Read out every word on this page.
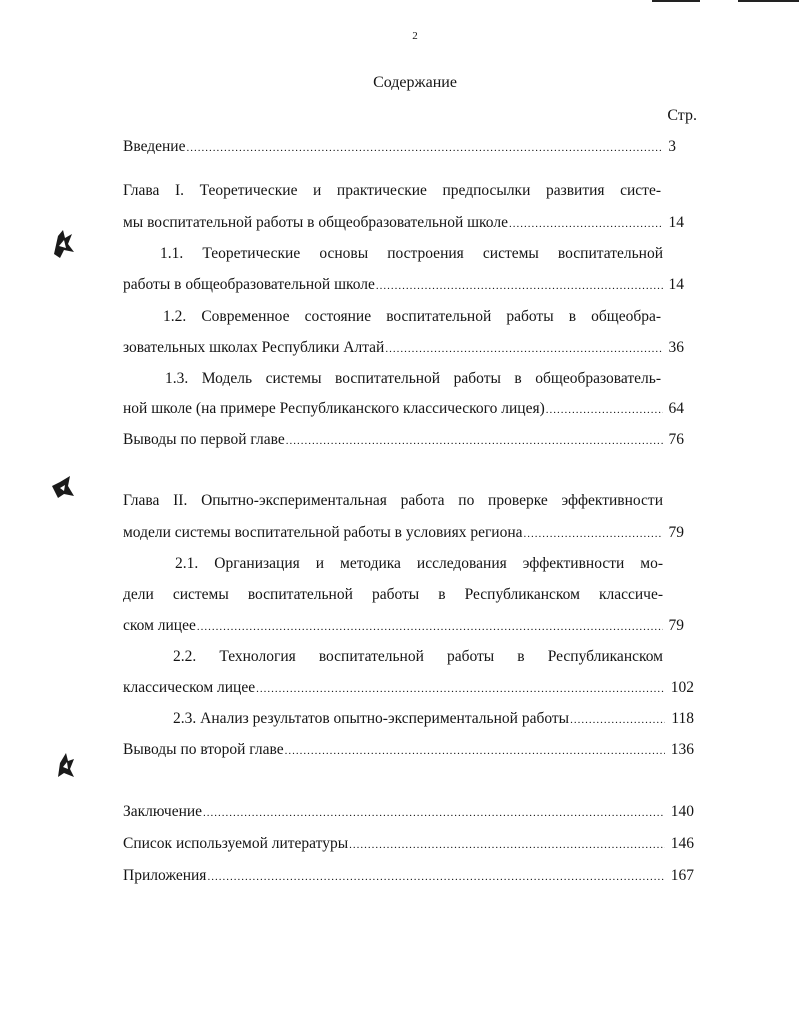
2
Содержание
Стр.
Введение .....	3
Глава I. Теоретические и практические предпосылки развития систе-
мы воспитательной работы в общеобразовательной школе .....	14
1.1. Теоретические основы построения системы воспитательной
работы в общеобразовательной школе .....	14
1.2. Современное состояние воспитательной работы в общеобра-
зовательных школах Республики Алтай .....	36
1.3. Модель системы воспитательной работы в общеобразователь-
ной школе (на примере Республиканского классического лицея) .....	64
Выводы по первой главе .....	76
Глава II. Опытно-экспериментальная работа по проверке эффективности
модели системы воспитательной работы в условиях региона .....	79
2.1. Организация и методика исследования эффективности мо-
дели системы воспитательной работы в Республиканском классиче-
ском лицее .....	79
2.2. Технология воспитательной работы в Республиканском
классическом лицее .....	102
2.3. Анализ результатов опытно-экспериментальной работы .....	118
Выводы по второй главе .....	136
Заключение .....	140
Список используемой литературы .....	146
Приложения .....	167
